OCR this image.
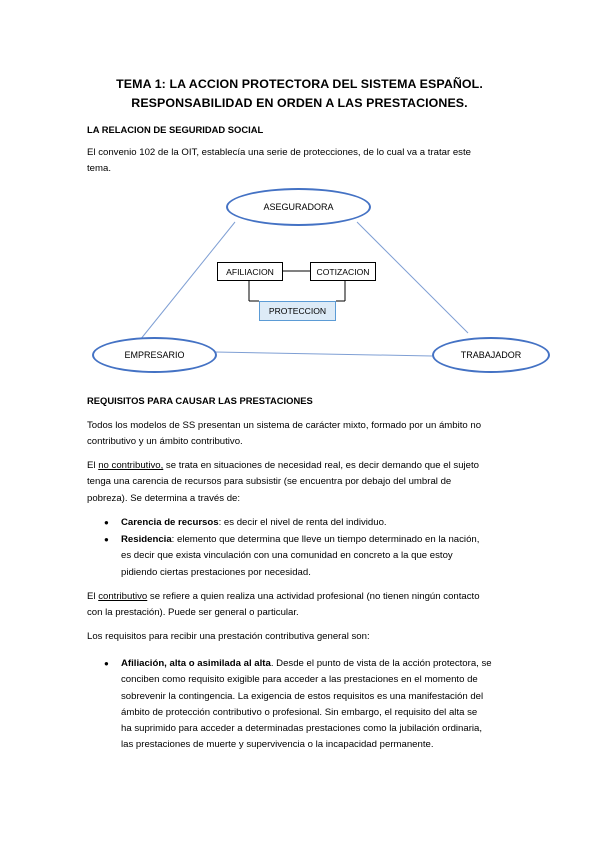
TEMA 1: LA ACCION PROTECTORA DEL SISTEMA ESPAÑOL.
RESPONSABILIDAD EN ORDEN A LAS PRESTACIONES.
LA RELACION DE SEGURIDAD SOCIAL
El convenio 102 de la OIT, establecía una serie de protecciones, de lo cual va a tratar este
tema.
ASEGURADORA
AFILIACION	COTIZACION
PROTECCION
EMPRESARIO	TRABAJADOR
REQUISITOS PARA CAUSAR LAS PRESTACIONES
Todos los modelos de SS presentan un sistema de carácter mixto, formado por un ámbito no
contributivo y un ámbito contributivo.
El no contributivo, se trata en situaciones de necesidad real, es decir demando que el sujeto
tenga una carencia de recursos para subsistir (se encuentra por debajo del umbral de
pobreza). Se determina a través de:
● Carencia de recursos: es decir el nivel de renta del individuo.
● Residencia: elemento que determina que lleve un tiempo determinado en la nación,
es decir que exista vinculación con una comunidad en concreto a la que estoy
pidiendo ciertas prestaciones por necesidad.
El contributivo se refiere a quien realiza una actividad profesional (no tienen ningún contacto
con la prestación). Puede ser general o particular.
Los requisitos para recibir una prestación contributiva general son:
● Afiliación, alta o asimilada al alta. Desde el punto de vista de la acción protectora, se
conciben como requisito exigible para acceder a las prestaciones en el momento de
sobrevenir la contingencia. La exigencia de estos requisitos es una manifestación del
ámbito de protección contributivo o profesional. Sin embargo, el requisito del alta se
ha suprimido para acceder a determinadas prestaciones como la jubilación ordinaria,
las prestaciones de muerte y supervivencia o la incapacidad permanente.
